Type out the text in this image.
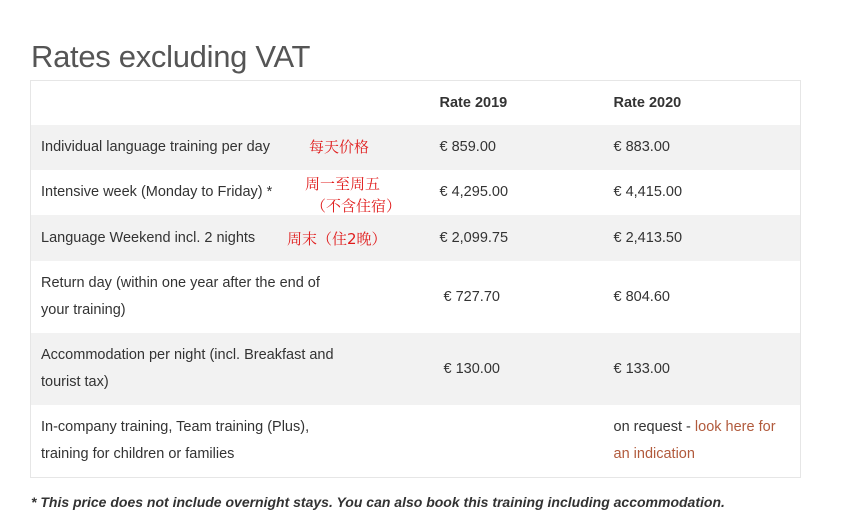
Rates excluding VAT
	Rate 2019	Rate 2020
Individual language training per day 每天价格	€ 859.00	€ 883.00
Intensive week (Monday to Friday) * 周一至周五
（不含住宿）	€ 4,295.00	€ 4,415.00
Language Weekend incl. 2 nights 周末（住2晚）	€ 2,099.75	€ 2,413.50

Return day (within one year after the end of your training)	€ 727.70	€ 804.60

Accommodation per night (incl. Breakfast and tourist tax)	€ 130.00	€ 133.00

In-company training, Team training (Plus), training for children or families		on request - look here for an indication
* This price does not include overnight stays. You can also book this training including accommodation.
